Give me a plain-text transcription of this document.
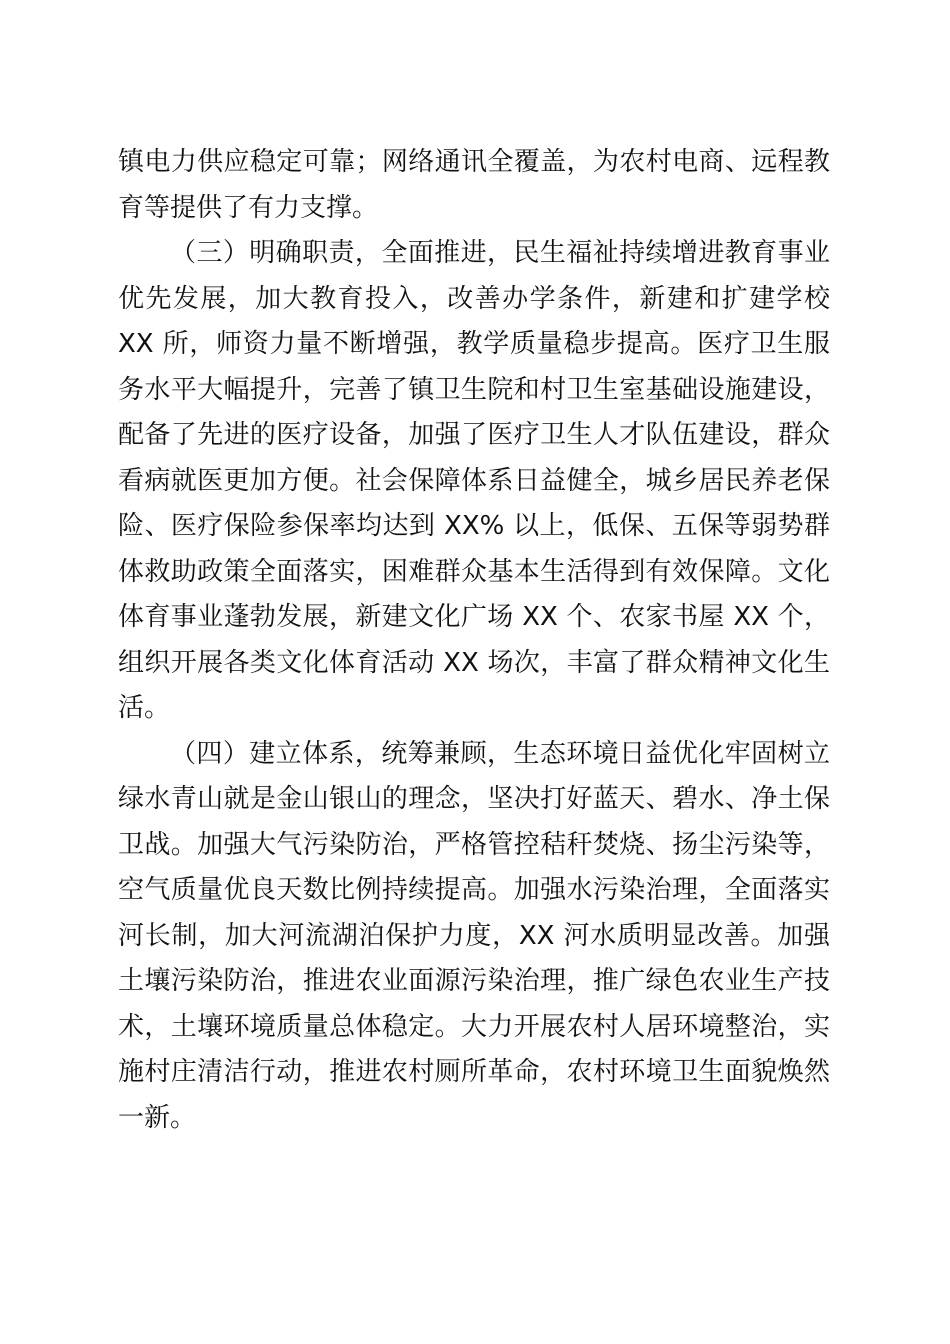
镇电力供应稳定可靠；网络通讯全覆盖，为农村电商、远程教育等提供了有力支撑。

（三）明确职责，全面推进，民生福祉持续增进教育事业优先发展，加大教育投入，改善办学条件，新建和扩建学校 XX 所，师资力量不断增强，教学质量稳步提高。医疗卫生服务水平大幅提升，完善了镇卫生院和村卫生室基础设施建设，配备了先进的医疗设备，加强了医疗卫生人才队伍建设，群众看病就医更加方便。社会保障体系日益健全，城乡居民养老保险、医疗保险参保率均达到 XX% 以上，低保、五保等弱势群体救助政策全面落实，困难群众基本生活得到有效保障。文化体育事业蓬勃发展，新建文化广场 XX 个、农家书屋 XX 个，组织开展各类文化体育活动 XX 场次，丰富了群众精神文化生活。

（四）建立体系，统筹兼顾，生态环境日益优化牢固树立绿水青山就是金山银山的理念，坚决打好蓝天、碧水、净土保卫战。加强大气污染防治，严格管控秸秆焚烧、扬尘污染等，空气质量优良天数比例持续提高。加强水污染治理，全面落实河长制，加大河流湖泊保护力度，XX 河水质明显改善。加强土壤污染防治，推进农业面源污染治理，推广绿色农业生产技术，土壤环境质量总体稳定。大力开展农村人居环境整治，实施村庄清洁行动，推进农村厕所革命，农村环境卫生面貌焕然一新。
